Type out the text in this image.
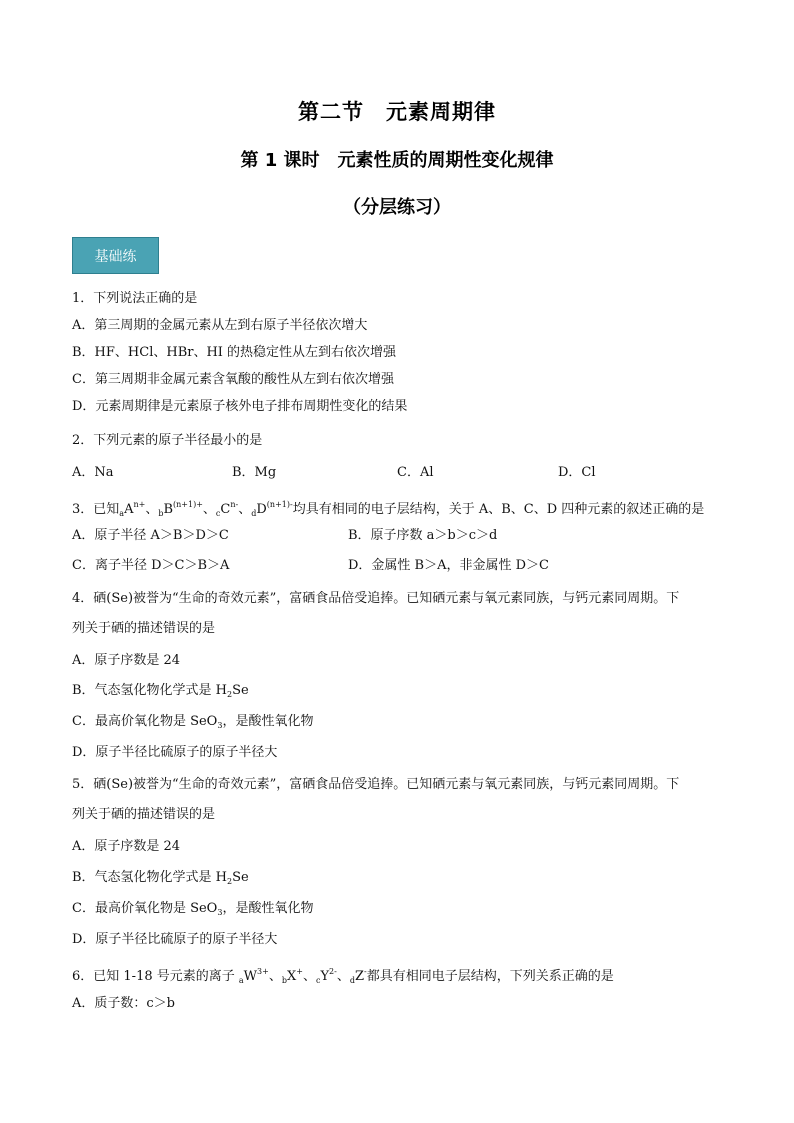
第二节　元素周期律
第 1 课时　元素性质的周期性变化规律
（分层练习）
基础练
1．下列说法正确的是
A．第三周期的金属元素从左到右原子半径依次增大
B．HF、HCl、HBr、HI 的热稳定性从左到右依次增强
C．第三周期非金属元素含氧酸的酸性从左到右依次增强
D．元素周期律是元素原子核外电子排布周期性变化的结果
2．下列元素的原子半径最小的是
A．Na	B．Mg	C．Al	D．Cl
3．已知$_aA^{n+}$、$_bB^{(n+1)+}$、$_cC^{n-}$、$_dD^{(n+1)-}$均具有相同的电子层结构，关于 A、B、C、D 四种元素的叙述正确的是
A．原子半径 A＞B＞D＞C	B．原子序数 a＞b＞c＞d
C．离子半径 D＞C＞B＞A	D．金属性 B＞A，非金属性 D＞C
4．硒(Se)被誉为“生命的奇效元素”，富硒食品倍受追捧。已知硒元素与氧元素同族，与钙元素同周期。下
列关于硒的描述错误的是
A．原子序数是 24
B．气态氢化物化学式是 $H_2Se$
C．最高价氧化物是 SeO$_3$，是酸性氧化物
D．原子半径比硫原子的原子半径大
5．硒(Se)被誉为“生命的奇效元素”，富硒食品倍受追捧。已知硒元素与氧元素同族，与钙元素同周期。下
列关于硒的描述错误的是
A．原子序数是 24
B．气态氢化物化学式是 $H_2Se$
C．最高价氧化物是 SeO$_3$，是酸性氧化物
D．原子半径比硫原子的原子半径大
6．已知 1-18 号元素的离子 $_aW^{3+}$、$_b$X+、$_cY^{2-}$、$_d$Z-都具有相同电子层结构，下列关系正确的是
A．质子数：c＞b
